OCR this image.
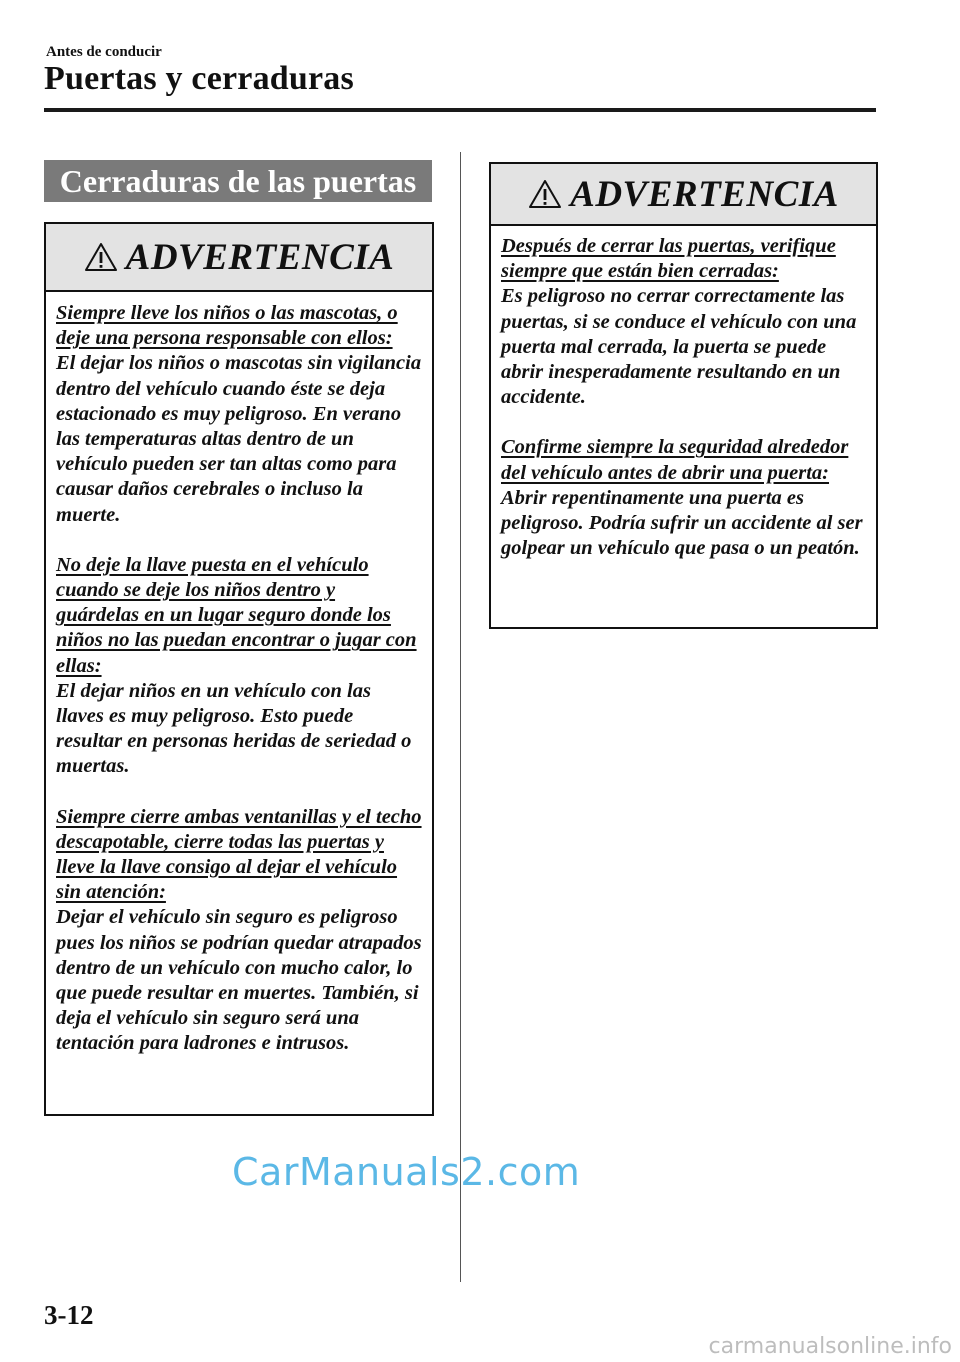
Antes de conducir
Puertas y cerraduras
Cerraduras de las puertas
ADVERTENCIA
Siempre lleve los niños o las mascotas, o deje una persona responsable con ellos:
El dejar los niños o mascotas sin vigilancia dentro del vehículo cuando éste se deja estacionado es muy peligroso. En verano las temperaturas altas dentro de un vehículo pueden ser tan altas como para causar daños cerebrales o incluso la muerte.
No deje la llave puesta en el vehículo cuando se deje los niños dentro y guárdelas en un lugar seguro donde los niños no las puedan encontrar o jugar con ellas:
El dejar niños en un vehículo con las llaves es muy peligroso. Esto puede resultar en personas heridas de seriedad o muertas.
Siempre cierre ambas ventanillas y el techo descapotable, cierre todas las puertas y lleve la llave consigo al dejar el vehículo sin atención:
Dejar el vehículo sin seguro es peligroso pues los niños se podrían quedar atrapados dentro de un vehículo con mucho calor, lo que puede resultar en muertes. También, si deja el vehículo sin seguro será una tentación para ladrones e intrusos.
ADVERTENCIA
Después de cerrar las puertas, verifique siempre que están bien cerradas:
Es peligroso no cerrar correctamente las puertas, si se conduce el vehículo con una puerta mal cerrada, la puerta se puede abrir inesperadamente resultando en un accidente.
Confirme siempre la seguridad alrededor del vehículo antes de abrir una puerta:
Abrir repentinamente una puerta es peligroso. Podría sufrir un accidente al ser golpear un vehículo que pasa o un peatón.
CarManuals2.com
3-12
carmanualsonline.info
